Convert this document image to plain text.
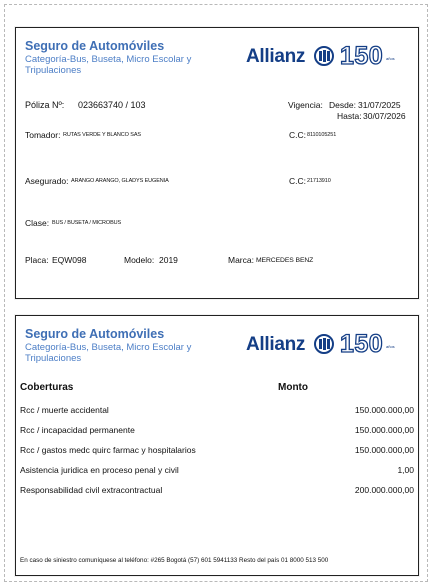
Seguro de Automóviles
Categoría-Bus, Buseta, Micro Escolar y Tripulaciones
Allianz 150 años
Póliza Nº: 023663740 / 103	Vigencia: Desde: 31/07/2025
Hasta: 30/07/2026
Tomador: RUTAS VERDE Y BLANCO SAS	C.C: 8110105251
Asegurado: ARANGO ARANGO, GLADYS EUGENIA	C.C: 21713910
Clase: BUS / BUSETA / MICROBUS
Placa: EQW098	Modelo: 2019	Marca: MERCEDES BENZ
Seguro de Automóviles
Categoría-Bus, Buseta, Micro Escolar y Tripulaciones
Allianz 150 años
Coberturas	Monto
Rcc / muerte accidental	150.000.000,00
Rcc / incapacidad permanente	150.000.000,00
Rcc / gastos medc quirc farmac y hospitalarios	150.000.000,00
Asistencia juridica en proceso penal y civil	1,00
Responsabilidad civil extracontractual	200.000.000,00
En caso de siniestro comuníquese al teléfono: #265 Bogotá (57) 601 5941133 Resto del país 01 8000 513 500
